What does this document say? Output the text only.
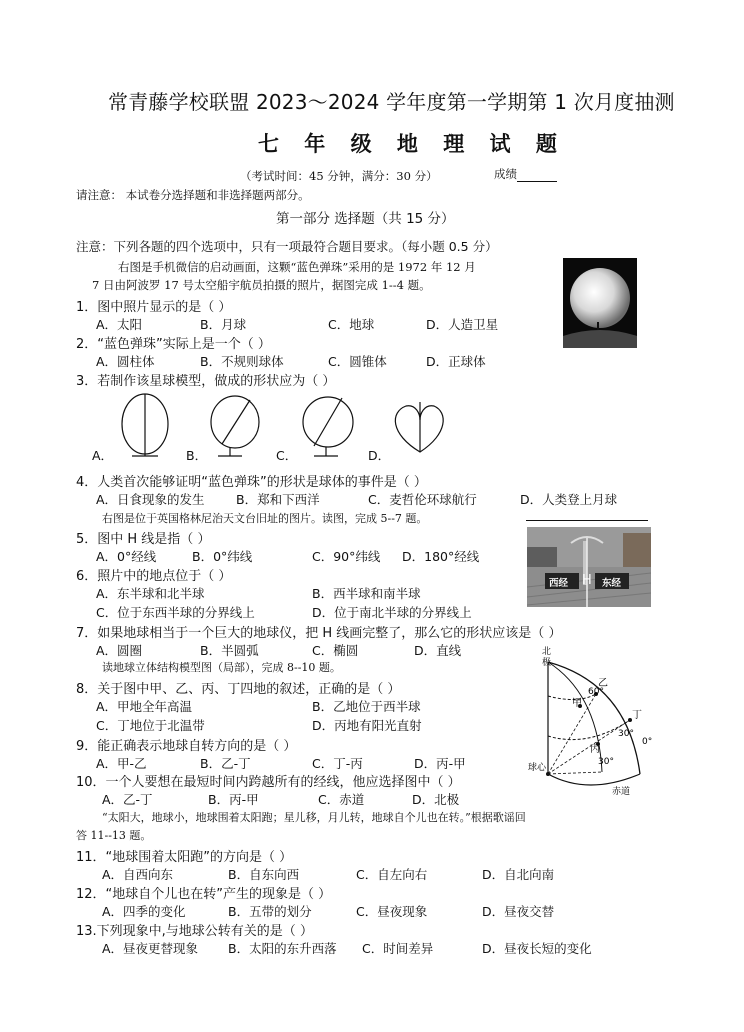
常青藤学校联盟 2023～2024 学年度第一学期第 1 次月度抽测
七 年 级 地 理 试 题
（考试时间：45 分钟，满分：30 分）	成绩
请注意： 本试卷分选择题和非选择题两部分。
第一部分 选择题（共 15 分）
注意：下列各题的四个选项中，只有一项最符合题目要求。（每小题 0.5 分）
右图是手机微信的启动画面，这颗“蓝色弹珠”采用的是 1972 年 12 月
7 日由阿波罗 17 号太空船宇航员拍摄的照片，据图完成 1--4 题。
1．图中照片显示的是（ ）
A．太阳	B．月球	C．地球	D．人造卫星
2．“蓝色弹珠”实际上是一个（ ）
A．圆柱体	B．不规则球体	C．圆锥体	D．正球体
3．若制作该星球模型，做成的形状应为（ ）
A．	B．	C．	D．
4．人类首次能够证明“蓝色弹珠”的形状是球体的事件是（ ）
A．日食现象的发生	B．郑和下西洋	C．麦哲伦环球航行	D．人类登上月球
右图是位于英国格林尼治天文台旧址的图片。读图，完成 5--7 题。
西经	东经
H
5．图中 H 线是指（ ）
A．0°经线	B．0°纬线	C．90°纬线 D．180°经线
6．照片中的地点位于（ ）
A．东半球和北半球	B．西半球和南半球
C．位于东西半球的分界线上	D．位于南北半球的分界线上
7．如果地球相当于一个巨大的地球仪，把 H 线画完整了，那么它的形状应该是（ ）
A．圆圈	B．半圆弧	C．椭圆	D．直线
读地球立体结构模型图（局部），完成 8--10 题。
北
极
乙
60°
甲
丁
30°
0°
丙
30°
球心
赤道
8．关于图中甲、乙、丙、丁四地的叙述，正确的是（ ）
A．甲地全年高温	B．乙地位于西半球
C．丁地位于北温带	D．丙地有阳光直射
9．能正确表示地球自转方向的是（ ）
A．甲-乙	B．乙-丁	C．丁-丙	D．丙-甲
10．一个人要想在最短时间内跨越所有的经线，他应选择图中（ ）
A．乙-丁	B．丙-甲	C．赤道	D．北极
“太阳大，地球小，地球围着太阳跑；星儿移，月儿转，地球自个儿也在转。”根据歌谣回
答 11--13 题。
11．“地球围着太阳跑”的方向是（ ）
A．自西向东	B．自东向西	C．自左向右	D．自北向南
12．“地球自个儿也在转”产生的现象是（ ）
A．四季的变化	B．五带的划分	C．昼夜现象	D．昼夜交替
13.下列现象中,与地球公转有关的是（ ）
A．昼夜更替现象 B．太阳的东升西落 C．时间差异	D．昼夜长短的变化
